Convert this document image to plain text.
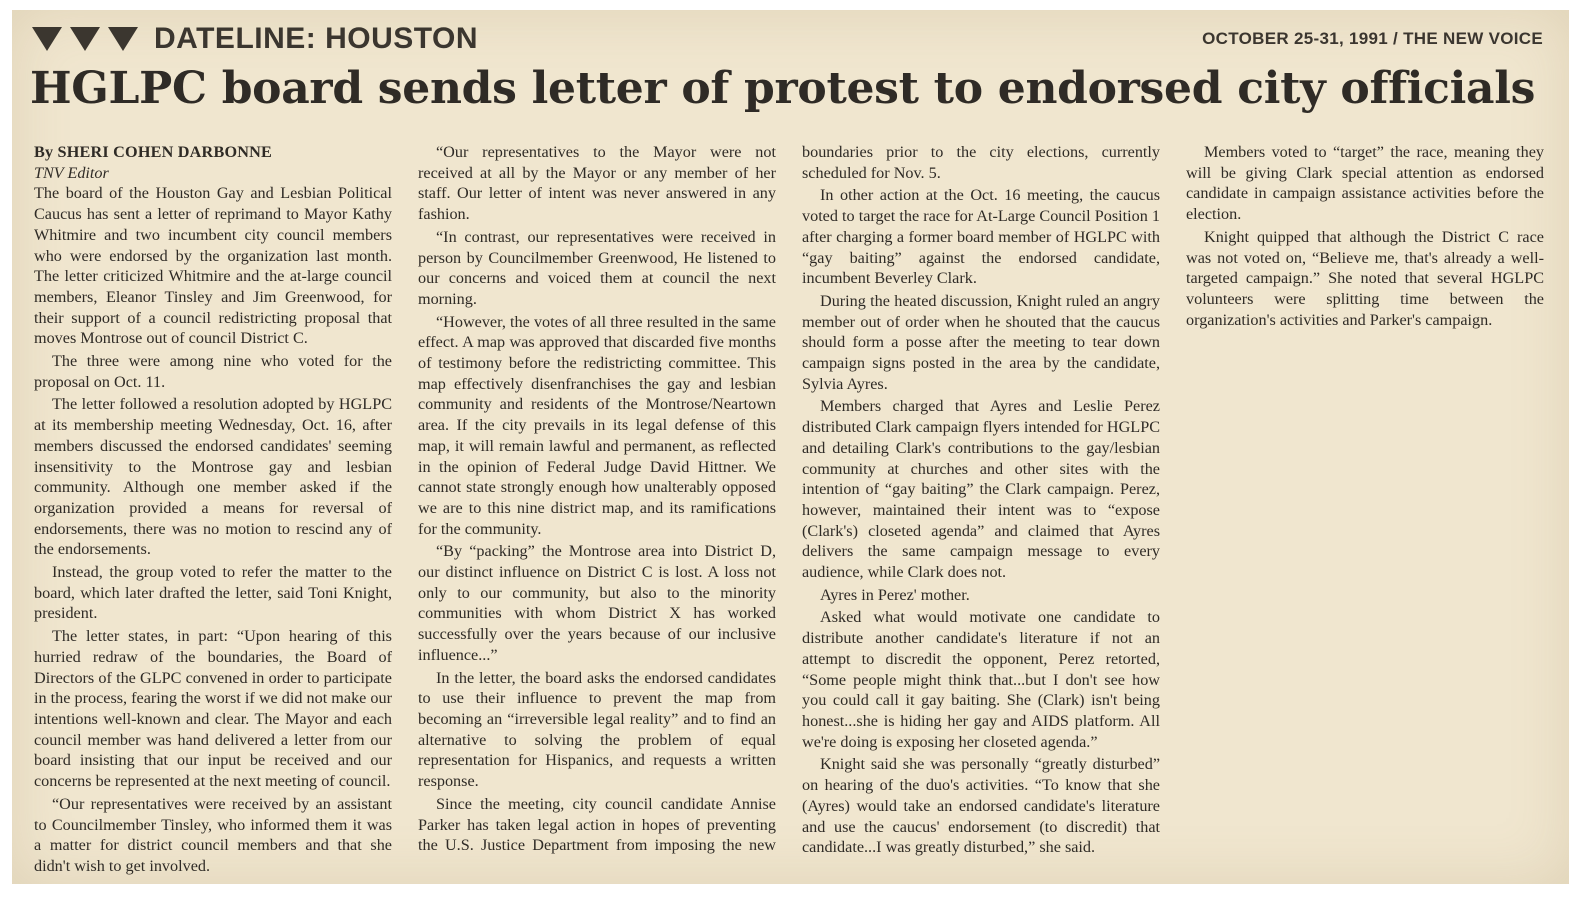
DATELINE: HOUSTON	OCTOBER 25-31, 1991 / THE NEW VOICE
HGLPC board sends letter of protest to endorsed city officials

By SHERI COHEN DARBONNE

TNV Editor

The board of the Houston Gay and Lesbian Political Caucus has sent a letter of reprimand to Mayor Kathy Whitmire and two incumbent city council members who were endorsed by the organization last month. The letter criticized Whitmire and the at-large council members, Eleanor Tinsley and Jim Greenwood, for their support of a council redistricting proposal that moves Montrose out of council District C.

The three were among nine who voted for the proposal on Oct. 11.

The letter followed a resolution adopted by HGLPC at its membership meeting Wednesday, Oct. 16, after members discussed the endorsed candidates' seeming insensitivity to the Montrose gay and lesbian community. Although one member asked if the organization provided a means for reversal of endorsements, there was no motion to rescind any of the endorsements.

Instead, the group voted to refer the matter to the board, which later drafted the letter, said Toni Knight, president.

The letter states, in part: “Upon hearing of this hurried redraw of the boundaries, the Board of Directors of the GLPC convened in order to participate in the process, fearing the worst if we did not make our intentions well-known and clear. The Mayor and each council member was hand delivered a letter from our board insisting that our input be received and our concerns be represented at the next meeting of council.

“Our representatives were received by an assistant to Councilmember Tinsley, who informed them it was a matter for district council members and that she didn't wish to get involved.

“Our representatives to the Mayor were not received at all by the Mayor or any member of her staff. Our letter of intent was never answered in any fashion.

“In contrast, our representatives were received in person by Councilmember Greenwood, He listened to our concerns and voiced them at council the next morning.

“However, the votes of all three resulted in the same effect. A map was approved that discarded five months of testimony before the redistricting committee. This map effectively disenfranchises the gay and lesbian community and residents of the Montrose/Neartown area. If the city prevails in its legal defense of this map, it will remain lawful and permanent, as reflected in the opinion of Federal Judge David Hittner. We cannot state strongly enough how unalterably opposed we are to this nine district map, and its ramifications for the community.

“By “packing” the Montrose area into District D, our distinct influence on District C is lost. A loss not only to our community, but also to the minority communities with whom District X has worked successfully over the years because of our inclusive influence...”

In the letter, the board asks the endorsed candidates to use their influence to prevent the map from becoming an “irreversible legal reality” and to find an alternative to solving the problem of equal representation for Hispanics, and requests a written response.

Since the meeting, city council candidate Annise Parker has taken legal action in hopes of preventing the U.S. Justice Department from imposing the new boundaries prior to the city elections, currently scheduled for Nov. 5.

In other action at the Oct. 16 meeting, the caucus voted to target the race for At-Large Council Position 1 after charging a former board member of HGLPC with “gay baiting” against the endorsed candidate, incumbent Beverley Clark.

During the heated discussion, Knight ruled an angry member out of order when he shouted that the caucus should form a posse after the meeting to tear down campaign signs posted in the area by the candidate, Sylvia Ayres.

Members charged that Ayres and Leslie Perez distributed Clark campaign flyers intended for HGLPC and detailing Clark's contributions to the gay/lesbian community at churches and other sites with the intention of “gay baiting” the Clark campaign. Perez, however, maintained their intent was to “expose (Clark's) closeted agenda” and claimed that Ayres delivers the same campaign message to every audience, while Clark does not.

Ayres in Perez' mother.

Asked what would motivate one candidate to distribute another candidate's literature if not an attempt to discredit the opponent, Perez retorted, “Some people might think that...but I don't see how you could call it gay baiting. She (Clark) isn't being honest...she is hiding her gay and AIDS platform. All we're doing is exposing her closeted agenda.”

Knight said she was personally “greatly disturbed” on hearing of the duo's activities. “To know that she (Ayres) would take an endorsed candidate's literature and use the caucus' endorsement (to discredit) that candidate...I was greatly disturbed,” she said.

Members voted to “target” the race, meaning they will be giving Clark special attention as endorsed candidate in campaign assistance activities before the election.

Knight quipped that although the District C race was not voted on, “Believe me, that's already a well-targeted campaign.” She noted that several HGLPC volunteers were splitting time between the organization's activities and Parker's campaign.
